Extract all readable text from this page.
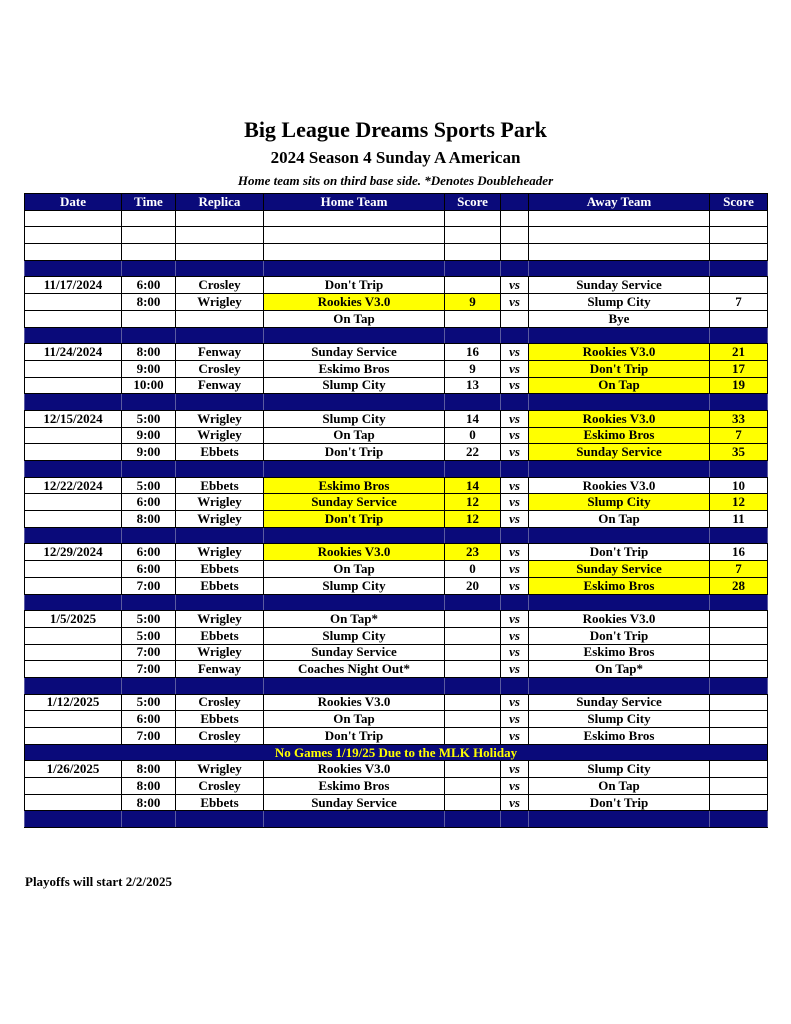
Big League Dreams Sports Park
2024 Season 4 Sunday A American
Home team sits on third base side. *Denotes Doubleheader
Date	Time	Replica	Home Team	Score		Away Team	Score

11/17/2024	6:00	Crosley	Don't Trip		vs	Sunday Service	
	8:00	Wrigley	Rookies V3.0	9	vs	Slump City	7
			On Tap			Bye	

11/24/2024	8:00	Fenway	Sunday Service	16	vs	Rookies V3.0	21
	9:00	Crosley	Eskimo Bros	9	vs	Don't Trip	17
	10:00	Fenway	Slump City	13	vs	On Tap	19

12/15/2024	5:00	Wrigley	Slump City	14	vs	Rookies V3.0	33
	9:00	Wrigley	On Tap	0	vs	Eskimo Bros	7
	9:00	Ebbets	Don't Trip	22	vs	Sunday Service	35

12/22/2024	5:00	Ebbets	Eskimo Bros	14	vs	Rookies V3.0	10
	6:00	Wrigley	Sunday Service	12	vs	Slump City	12
	8:00	Wrigley	Don't Trip	12	vs	On Tap	11

12/29/2024	6:00	Wrigley	Rookies V3.0	23	vs	Don't Trip	16
	6:00	Ebbets	On Tap	0	vs	Sunday Service	7
	7:00	Ebbets	Slump City	20	vs	Eskimo Bros	28

1/5/2025	5:00	Wrigley	On Tap*		vs	Rookies V3.0	
	5:00	Ebbets	Slump City		vs	Don't Trip	
	7:00	Wrigley	Sunday Service		vs	Eskimo Bros	
	7:00	Fenway	Coaches Night Out*		vs	On Tap*	

1/12/2025	5:00	Crosley	Rookies V3.0		vs	Sunday Service	
	6:00	Ebbets	On Tap		vs	Slump City	
	7:00	Crosley	Don't Trip		vs	Eskimo Bros	
No Games 1/19/25 Due to the MLK Holiday							
1/26/2025	8:00	Wrigley	Rookies V3.0		vs	Slump City	
	8:00	Crosley	Eskimo Bros		vs	On Tap	
	8:00	Ebbets	Sunday Service		vs	Don't Trip	

Playoffs will start 2/2/2025
